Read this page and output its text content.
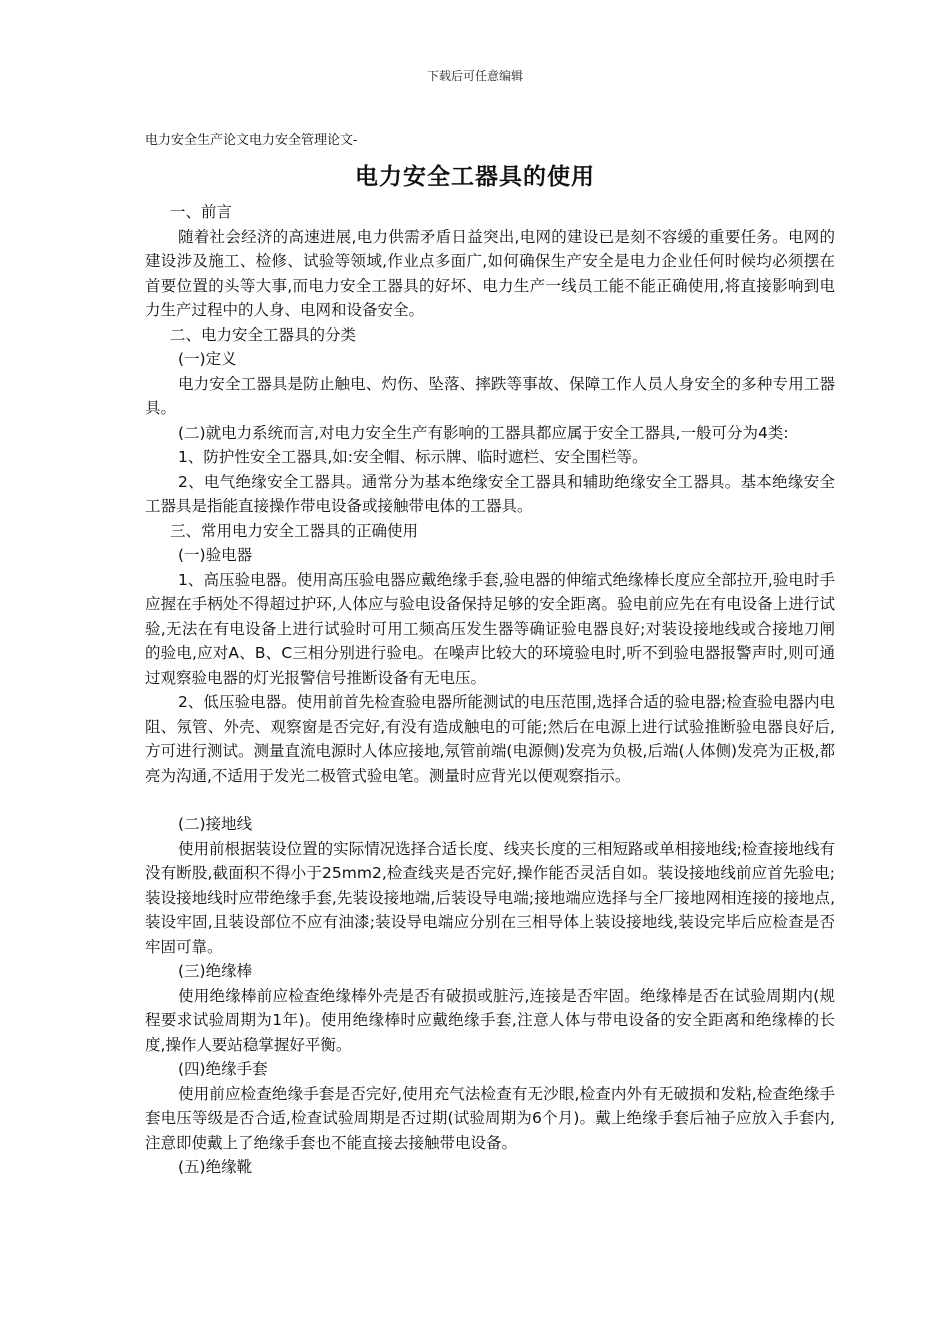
下载后可任意编辑
电力安全生产论文电力安全管理论文-
电力安全工器具的使用

一、前言

随着社会经济的高速进展,电力供需矛盾日益突出,电网的建设已是刻不容缓的重要任务。电网的建设涉及施工、检修、试验等领域,作业点多面广,如何确保生产安全是电力企业任何时候均必须摆在首要位置的头等大事,而电力安全工器具的好坏、电力生产一线员工能不能正确使用,将直接影响到电力生产过程中的人身、电网和设备安全。

二、电力安全工器具的分类

(一)定义

电力安全工器具是防止触电、灼伤、坠落、摔跌等事故、保障工作人员人身安全的多种专用工器具。

(二)就电力系统而言,对电力安全生产有影响的工器具都应属于安全工器具,一般可分为4类:

1、防护性安全工器具,如:安全帽、标示牌、临时遮栏、安全围栏等。

2、电气绝缘安全工器具。通常分为基本绝缘安全工器具和辅助绝缘安全工器具。基本绝缘安全工器具是指能直接操作带电设备或接触带电体的工器具。

三、常用电力安全工器具的正确使用

(一)验电器

1、高压验电器。使用高压验电器应戴绝缘手套,验电器的伸缩式绝缘棒长度应全部拉开,验电时手应握在手柄处不得超过护环,人体应与验电设备保持足够的安全距离。验电前应先在有电设备上进行试验,无法在有电设备上进行试验时可用工频高压发生器等确证验电器良好;对装设接地线或合接地刀闸的验电,应对A、B、C三相分别进行验电。在噪声比较大的环境验电时,听不到验电器报警声时,则可通过观察验电器的灯光报警信号推断设备有无电压。

2、低压验电器。使用前首先检查验电器所能测试的电压范围,选择合适的验电器;检查验电器内电阻、氖管、外壳、观察窗是否完好,有没有造成触电的可能;然后在电源上进行试验推断验电器良好后,方可进行测试。测量直流电源时人体应接地,氖管前端(电源侧)发亮为负极,后端(人体侧)发亮为正极,都亮为沟通,不适用于发光二极管式验电笔。测量时应背光以便观察指示。

(二)接地线

使用前根据装设位置的实际情况选择合适长度、线夹长度的三相短路或单相接地线;检查接地线有没有断股,截面积不得小于25mm2,检查线夹是否完好,操作能否灵活自如。装设接地线前应首先验电;装设接地线时应带绝缘手套,先装设接地端,后装设导电端;接地端应选择与全厂接地网相连接的接地点,装设牢固,且装设部位不应有油漆;装设导电端应分别在三相导体上装设接地线,装设完毕后应检查是否牢固可靠。

(三)绝缘棒

使用绝缘棒前应检查绝缘棒外壳是否有破损或脏污,连接是否牢固。绝缘棒是否在试验周期内(规程要求试验周期为1年)。使用绝缘棒时应戴绝缘手套,注意人体与带电设备的安全距离和绝缘棒的长度,操作人要站稳掌握好平衡。

(四)绝缘手套

使用前应检查绝缘手套是否完好,使用充气法检查有无沙眼,检查内外有无破损和发粘,检查绝缘手套电压等级是否合适,检查试验周期是否过期(试验周期为6个月)。戴上绝缘手套后袖子应放入手套内,注意即使戴上了绝缘手套也不能直接去接触带电设备。

(五)绝缘靴
